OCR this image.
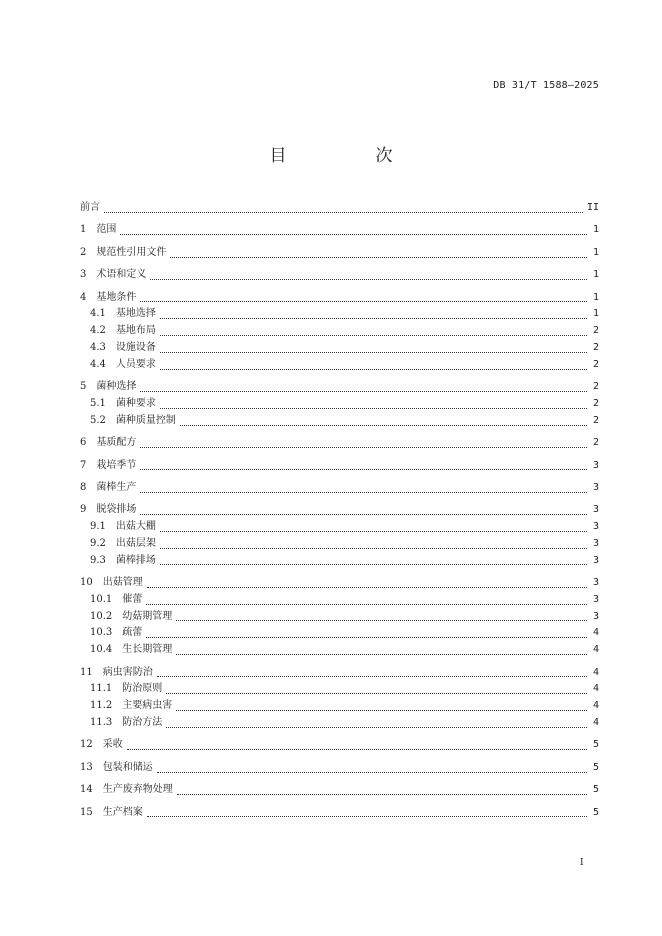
DB 31/T 1588—2025
目　次
前言	II
1	范围	1
2	规范性引用文件	1
3	术语和定义	1
4	基地条件	1
4.1	基地选择	1
4.2	基地布局	2
4.3	设施设备	2
4.4	人员要求	2
5	菌种选择	2
5.1	菌种要求	2
5.2	菌种质量控制	2
6	基质配方	2
7	栽培季节	3
8	菌棒生产	3
9	脱袋排场	3
9.1	出菇大棚	3
9.2	出菇层架	3
9.3	菌棒排场	3
10	出菇管理	3
10.1	催蕾	3
10.2	幼菇期管理	3
10.3	疏蕾	4
10.4	生长期管理	4
11	病虫害防治	4
11.1	防治原则	4
11.2	主要病虫害	4
11.3	防治方法	4
12	采收	5
13	包装和储运	5
14	生产废弃物处理	5
15	生产档案	5
I
